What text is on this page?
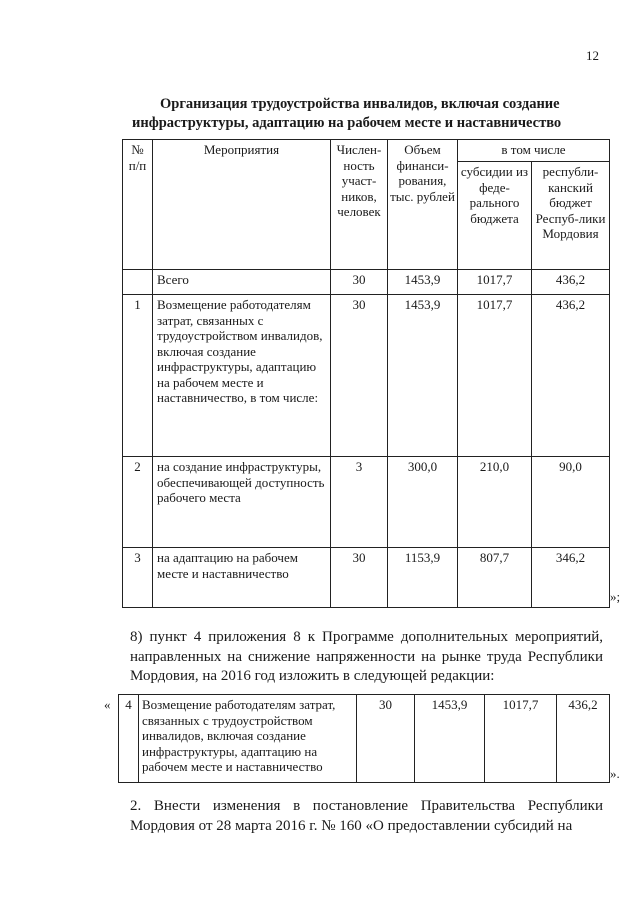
12
Организация трудоустройства инвалидов, включая создание
инфраструктуры, адаптацию на рабочем месте и наставничество
№ п/п	Мероприятия	Числен-ность участ-ников, человек	Объем финанси-рования, тыс. рублей	в том числе	
				субсидии из феде-рального бюджета	республи-канский бюджет Респуб-лики Мордовия
	Всего	30	1453,9	1017,7	436,2
1	Возмещение работодателям затрат, связанных с трудоустройством инвалидов, включая создание инфраструктуры, адаптацию на рабочем месте и наставничество, в том числе:	30	1453,9	1017,7	436,2
2	на создание инфраструктуры, обеспечивающей доступность рабочего места	3	300,0	210,0	90,0
3	на адаптацию на рабочем месте и наставничество	30	1153,9	807,7	346,2
»;
8) пункт 4 приложения 8 к Программе дополнительных мероприятий, направленных на снижение напряженности на рынке труда Республики Мордовия, на 2016 год изложить в следующей редакции:
« 4	Возмещение работодателям затрат, связанных с трудоустройством инвалидов, включая создание инфраструктуры, адаптацию на рабочем месте и наставничество	30	1453,9	1017,7	436,2
».
2. Внести изменения в постановление Правительства Республики Мордовия от 28 марта 2016 г. № 160 «О предоставлении субсидий на
